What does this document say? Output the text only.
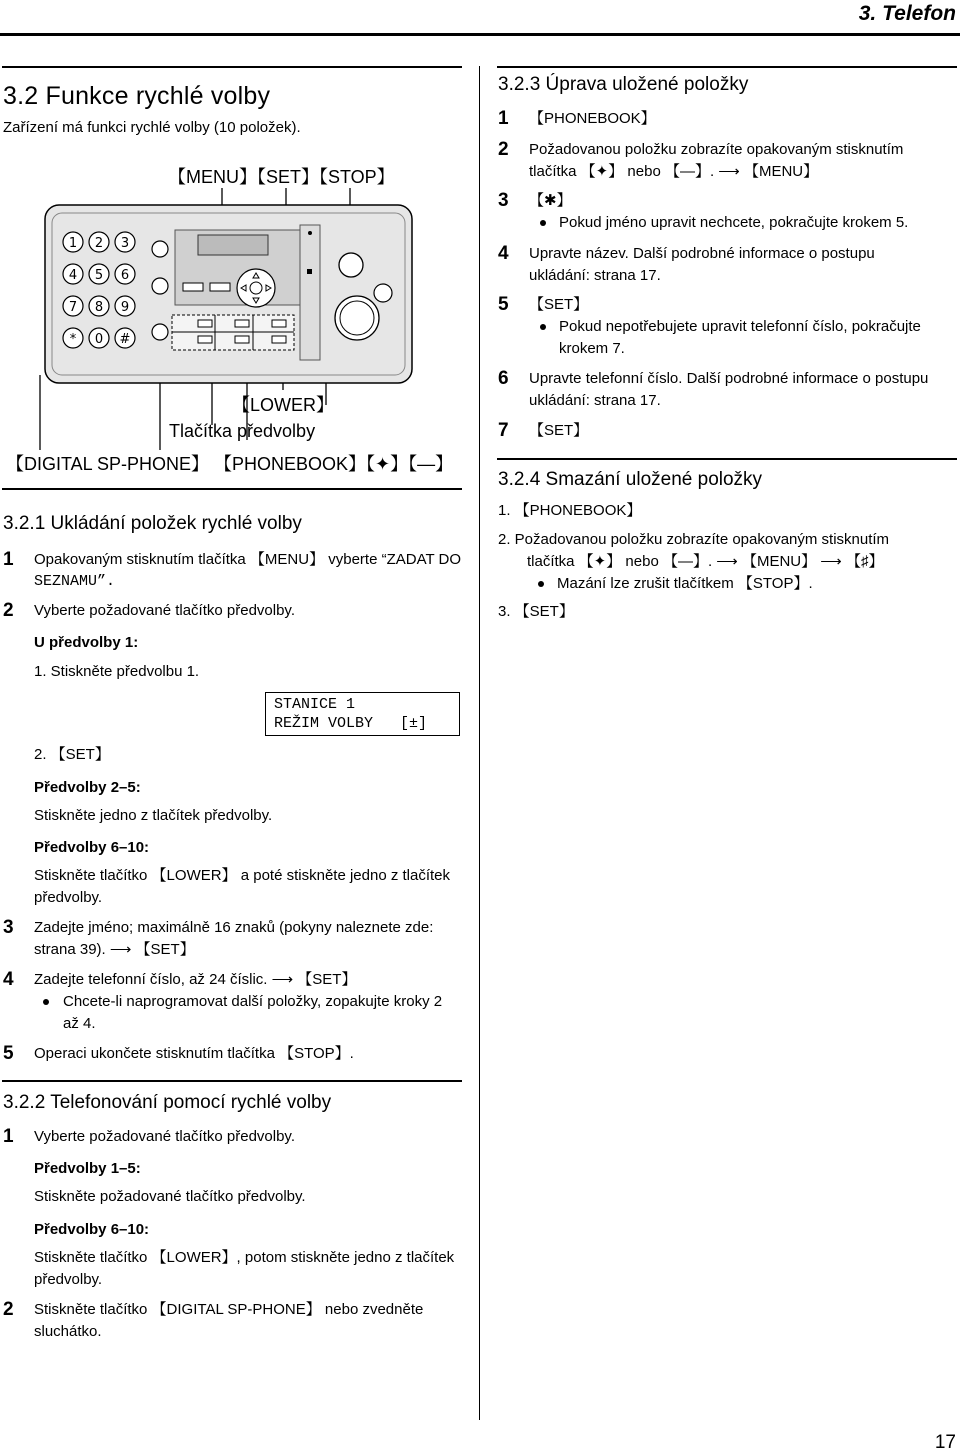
3. Telefon
3.2 Funkce rychlé volby
Zařízení má funkci rychlé volby (10 položek).
【MENU】【SET】【STOP】
【LOWER】
Tlačítka předvolby
【DIGITAL SP-PHONE】 【PHONEBOOK】【✦】【—】
1 2 3
4 5 6
7 8 9
* 0 #
3.2.1 Ukládání položek rychlé volby
1 Opakovaným stisknutím tlačítka 【MENU】 vyberte “ZADAT DO
SEZNAMU”.
2 Vyberte požadované tlačítko předvolby.
U předvolby 1:
1. Stiskněte předvolbu 1.
STANICE 1
REŽIM VOLBY   [±]
2. 【SET】
Předvolby 2–5:
Stiskněte jedno z tlačítek předvolby.
Předvolby 6–10:
Stiskněte tlačítko 【LOWER】 a poté stiskněte jedno z tlačítek
předvolby.
3 Zadejte jméno; maximálně 16 znaků (pokyny naleznete zde:
strana 39). ⟶ 【SET】
4 Zadejte telefonní číslo, až 24 číslic. ⟶ 【SET】
Chcete-li naprogramovat další položky, zopakujte kroky 2
až 4.
5 Operaci ukončete stisknutím tlačítka 【STOP】.
3.2.2 Telefonování pomocí rychlé volby
1 Vyberte požadované tlačítko předvolby.
Předvolby 1–5:
Stiskněte požadované tlačítko předvolby.
Předvolby 6–10:
Stiskněte tlačítko 【LOWER】, potom stiskněte jedno z tlačítek
předvolby.
2 Stiskněte tlačítko 【DIGITAL SP-PHONE】 nebo zvedněte
sluchátko.
3.2.3 Úprava uložené položky
1 【PHONEBOOK】
2 Požadovanou položku zobrazíte opakovaným stisknutím
tlačítka 【✦】 nebo 【—】. ⟶ 【MENU】
3 【✱】
Pokud jméno upravit nechcete, pokračujte krokem 5.
4 Upravte název. Další podrobné informace o postupu
ukládání: strana 17.
5 【SET】
Pokud nepotřebujete upravit telefonní číslo, pokračujte
krokem 7.
6 Upravte telefonní číslo. Další podrobné informace o postupu
ukládání: strana 17.
7 【SET】
3.2.4 Smazání uložené položky
1. 【PHONEBOOK】
2. Požadovanou položku zobrazíte opakovaným stisknutím
tlačítka 【✦】 nebo 【—】. ⟶ 【MENU】 ⟶ 【♯】
Mazání lze zrušit tlačítkem 【STOP】.
3. 【SET】
17
